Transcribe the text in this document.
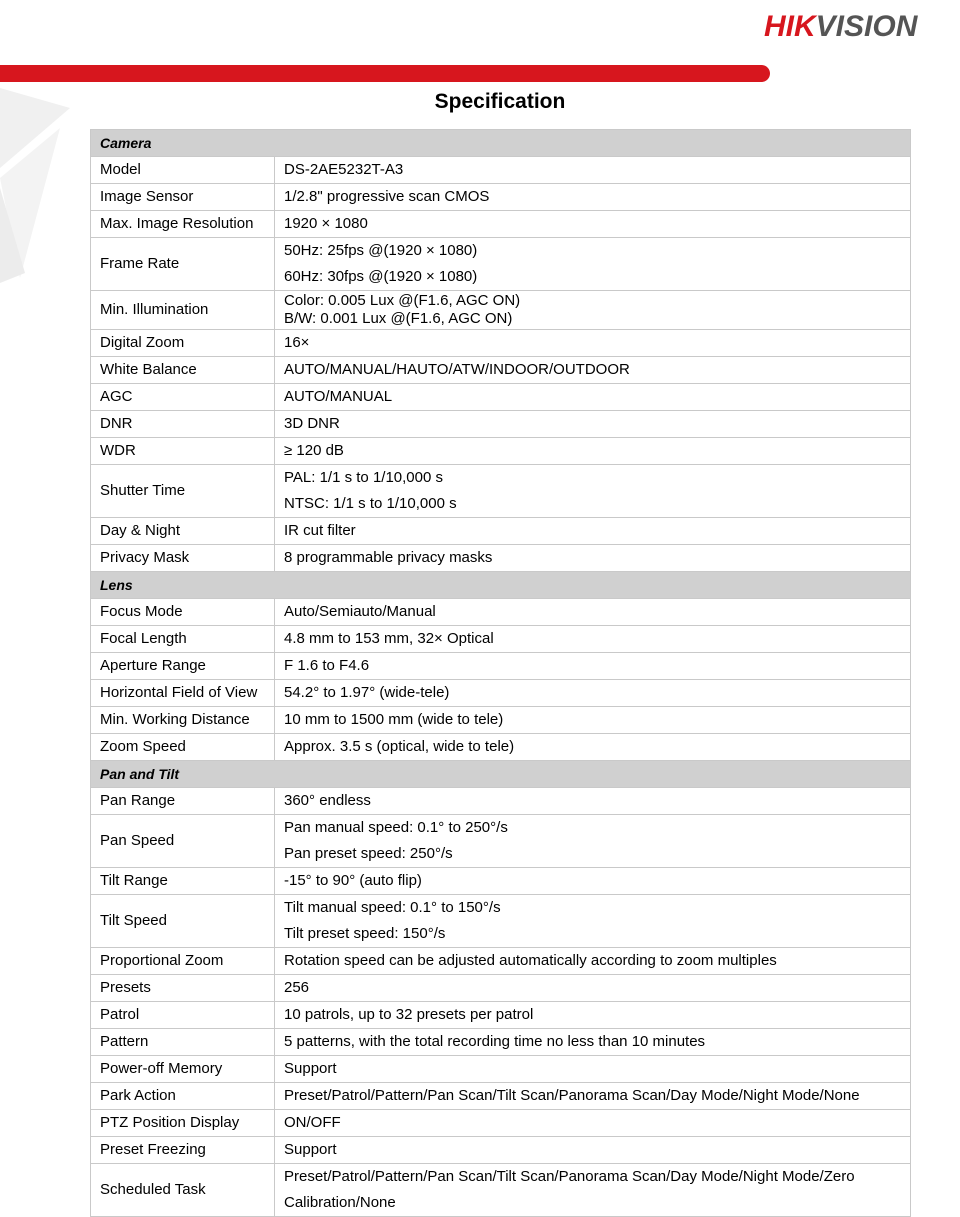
HIKVISION
Specification
Camera	
Model	DS-2AE5232T-A3
Image Sensor	1/2.8" progressive scan CMOS
Max. Image Resolution	1920 × 1080
Frame Rate	50Hz: 25fps @(1920 × 1080)
60Hz: 30fps @(1920 × 1080)

Min. Illumination	Color: 0.005 Lux @(F1.6, AGC ON)
B/W: 0.001 Lux @(F1.6, AGC ON)

Digital Zoom	16×
White Balance	AUTO/MANUAL/HAUTO/ATW/INDOOR/OUTDOOR
AGC	AUTO/MANUAL
DNR	3D DNR
WDR	≥ 120 dB
Shutter Time	PAL: 1/1 s to 1/10,000 s
NTSC: 1/1 s to 1/10,000 s

Day & Night	IR cut filter
Privacy Mask	8 programmable privacy masks
Lens	
Focus Mode	Auto/Semiauto/Manual
Focal Length	4.8 mm to 153 mm, 32× Optical
Aperture Range	F 1.6 to F4.6
Horizontal Field of View	54.2° to 1.97° (wide-tele)
Min. Working Distance	10 mm to 1500 mm (wide to tele)
Zoom Speed	Approx. 3.5 s (optical, wide to tele)
Pan and Tilt	
Pan Range	360° endless
Pan Speed	Pan manual speed: 0.1° to 250°/s
Pan preset speed: 250°/s

Tilt Range	-15° to 90° (auto flip)
Tilt Speed	Tilt manual speed: 0.1° to 150°/s
Tilt preset speed: 150°/s

Proportional Zoom	Rotation speed can be adjusted automatically according to zoom multiples
Presets	256
Patrol	10 patrols, up to 32 presets per patrol
Pattern	5 patterns, with the total recording time no less than 10 minutes
Power-off Memory	Support
Park Action	Preset/Patrol/Pattern/Pan Scan/Tilt Scan/Panorama Scan/Day Mode/Night Mode/None
PTZ Position Display	ON/OFF
Preset Freezing	Support
Scheduled Task	Preset/Patrol/Pattern/Pan Scan/Tilt Scan/Panorama Scan/Day Mode/Night Mode/Zero
Calibration/None
